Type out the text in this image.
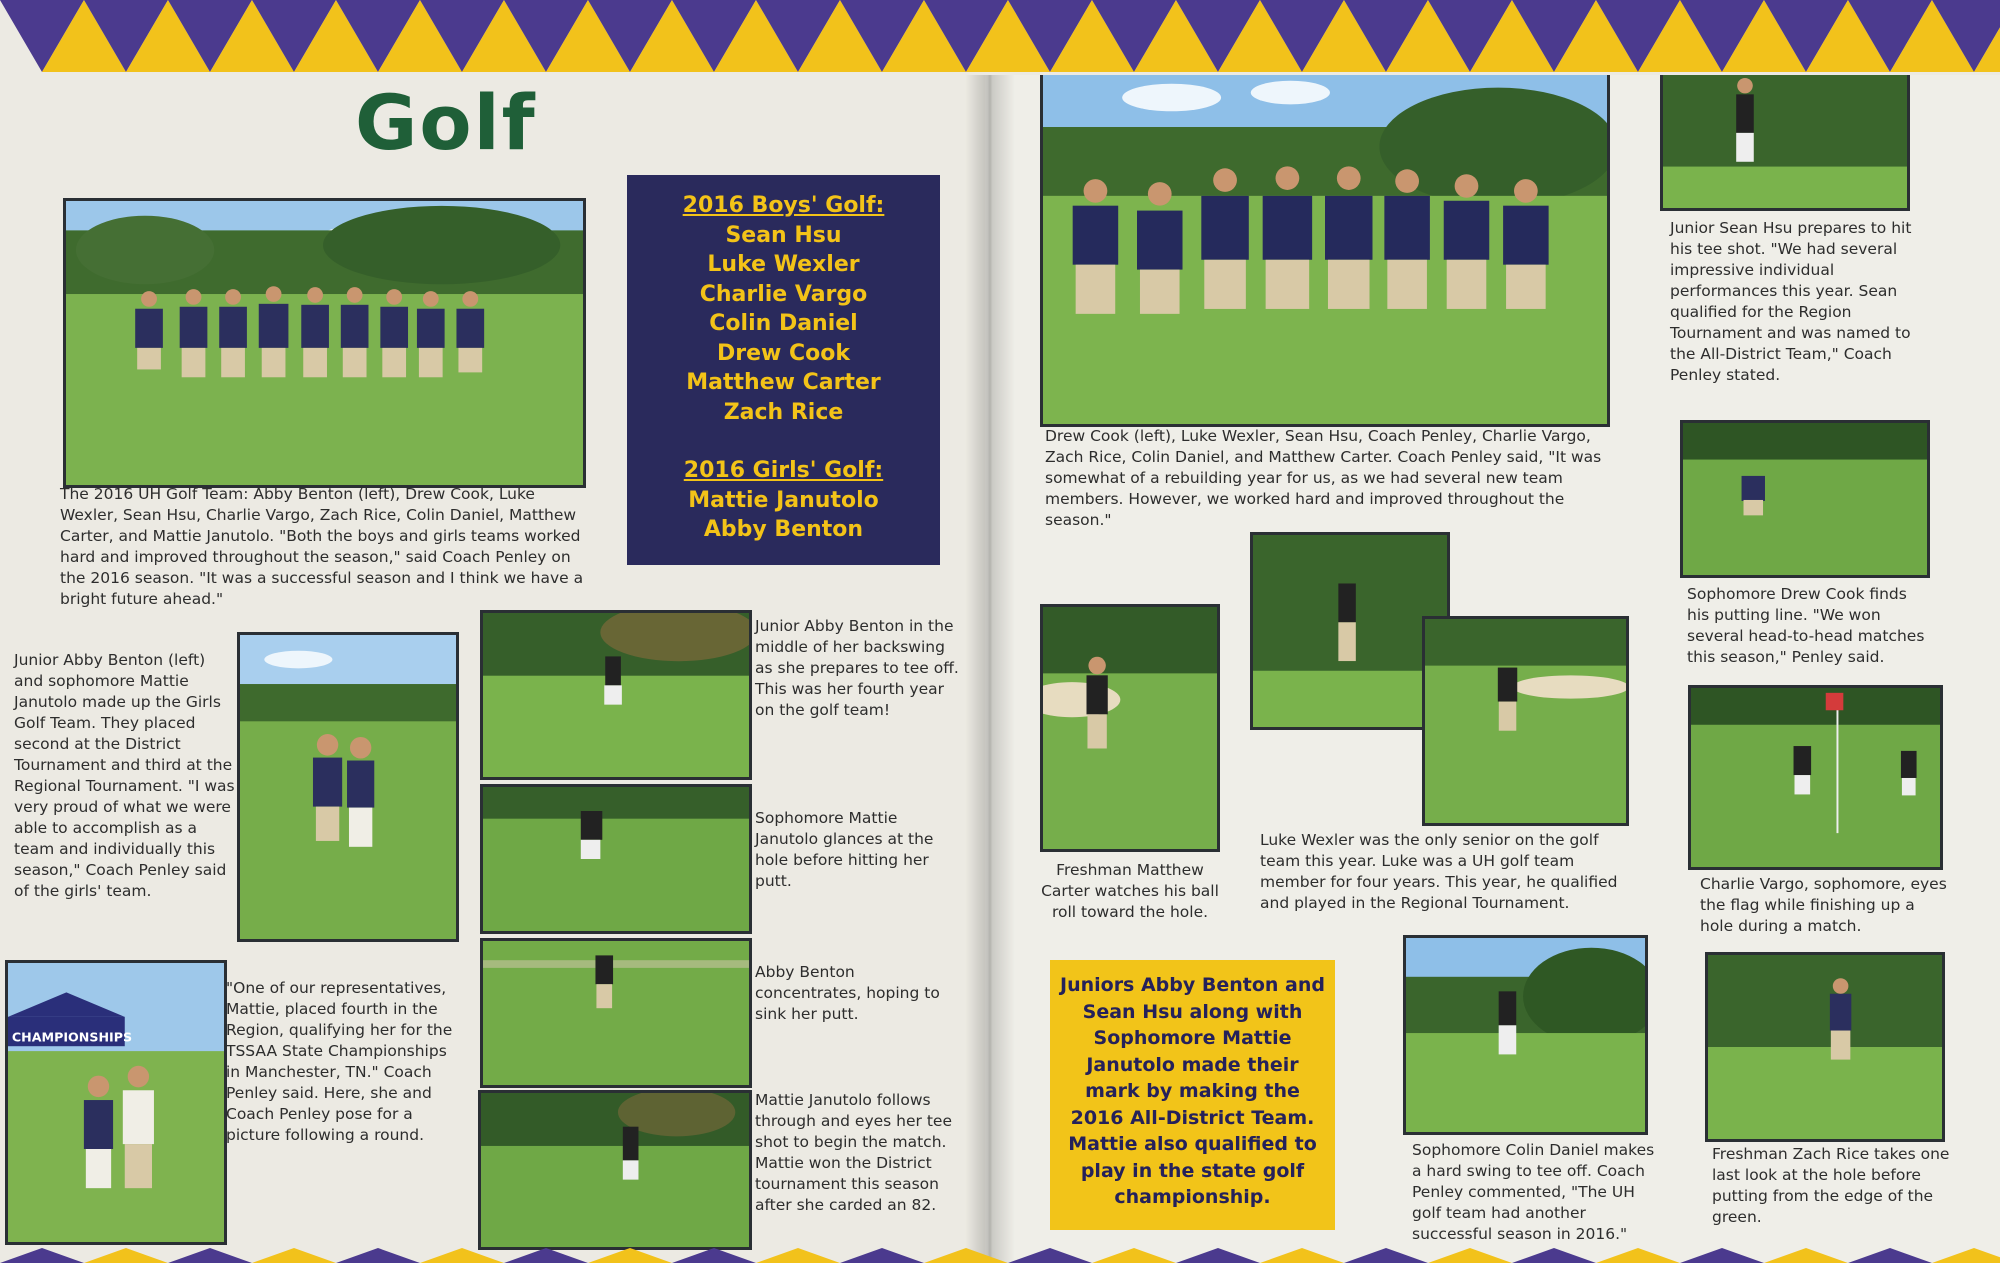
Golf

The 2016 UH Golf Team: Abby Benton (left), Drew Cook, Luke Wexler, Sean Hsu, Charlie Vargo, Zach Rice, Colin Daniel, Matthew Carter, and Mattie Janutolo. "Both the boys and girls teams worked hard and improved throughout the season," said Coach Penley on the 2016 season. "It was a successful season and I think we have a bright future ahead."

2016 Boys' Golf:
Sean Hsu
Luke Wexler
Charlie Vargo
Colin Daniel
Drew Cook
Matthew Carter
Zach Rice
2016 Girls' Golf:
Mattie Janutolo
Abby Benton

Junior Abby Benton (left) and sophomore Mattie Janutolo made up the Girls Golf Team. They placed second at the District Tournament and third at the Regional Tournament. "I was very proud of what we were able to accomplish as a team and individually this season," Coach Penley said of the girls' team.

Junior Abby Benton in the middle of her backswing as she prepares to tee off. This was her fourth year on the golf team!

Sophomore Mattie Janutolo glances at the hole before hitting her putt.

Abby Benton concentrates, hoping to sink her putt.

Mattie Janutolo follows through and eyes her tee shot to begin the match. Mattie won the District tournament this season after she carded an 82.

CHAMPIONSHIPS

"One of our representatives, Mattie, placed fourth in the Region, qualifying her for the TSSAA State Championships in Manchester, TN." Coach Penley said. Here, she and Coach Penley pose for a picture following a round.

Drew Cook (left), Luke Wexler, Sean Hsu, Coach Penley, Charlie Vargo, Zach Rice, Colin Daniel, and Matthew Carter. Coach Penley said, "It was somewhat of a rebuilding year for us, as we had several new team members. However, we worked hard and improved throughout the season."

Junior Sean Hsu prepares to hit his tee shot. "We had several impressive individual performances this year. Sean qualified for the Region Tournament and was named to the All-District Team," Coach Penley stated.

Sophomore Drew Cook finds his putting line. "We won several head-to-head matches this season," Penley said.

Charlie Vargo, sophomore, eyes the flag while finishing up a hole during a match.

Freshman Zach Rice takes one last look at the hole before putting from the edge of the green.

Freshman Matthew Carter watches his ball roll toward the hole.

Luke Wexler was the only senior on the golf team this year. Luke was a UH golf team member for four years. This year, he qualified and played in the Regional Tournament.

Juniors Abby Benton and Sean Hsu along with Sophomore Mattie Janutolo made their mark by making the 2016 All-District Team. Mattie also qualified to play in the state golf championship.

Sophomore Colin Daniel makes a hard swing to tee off. Coach Penley commented, "The UH golf team had another successful season in 2016."
